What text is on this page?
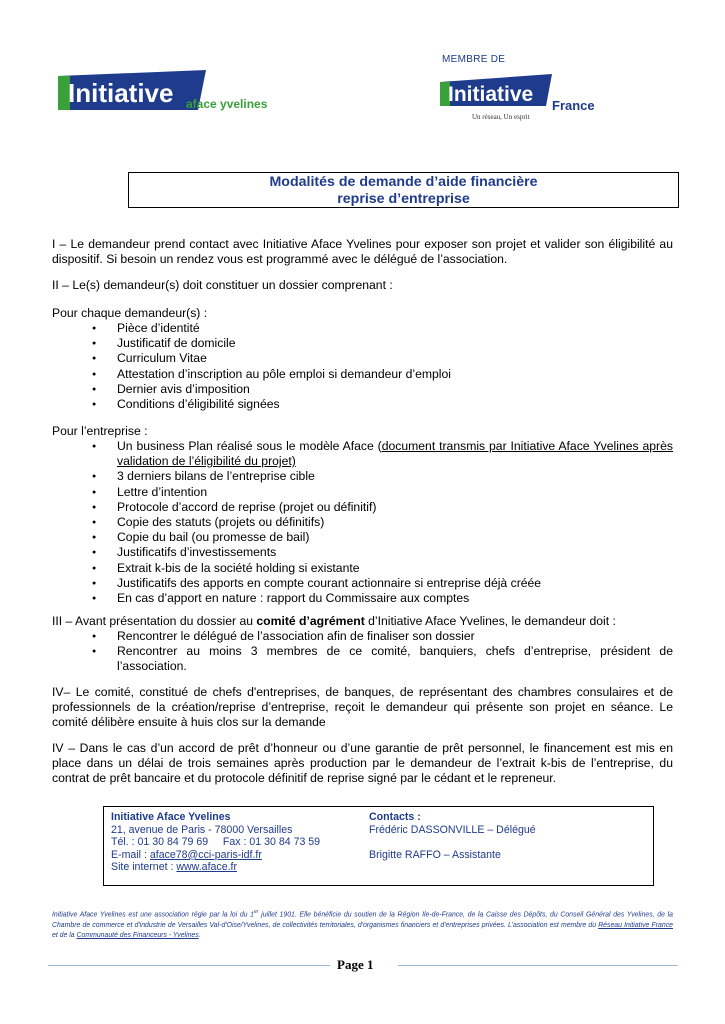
Initiative aface yvelines
MEMBRE DE
Initiative France
Un réseau, Un esprit
Modalités de demande d’aide financière
reprise d’entreprise
I – Le demandeur prend contact avec Initiative Aface Yvelines pour exposer son projet et valider son éligibilité au dispositif. Si besoin un rendez vous est programmé avec le délégué de l’association.
II – Le(s) demandeur(s) doit constituer un dossier comprenant :
Pour chaque demandeur(s) :
● Pièce d’identité
● Justificatif de domicile
● Curriculum Vitae
● Attestation d’inscription au pôle emploi si demandeur d’emploi
● Dernier avis d’imposition
● Conditions d’éligibilité signées
Pour l’entreprise :
● Un business Plan réalisé sous le modèle Aface (document transmis par Initiative Aface Yvelines après validation de l’éligibilité du projet)
● 3 derniers bilans de l’entreprise cible
● Lettre d’intention
● Protocole d’accord de reprise (projet ou définitif)
● Copie des statuts (projets ou définitifs)
● Copie du bail (ou promesse de bail)
● Justificatifs d’investissements
● Extrait k-bis de la société holding si existante
● Justificatifs des apports en compte courant actionnaire si entreprise déjà créée
● En cas d’apport en nature : rapport du Commissaire aux comptes
III – Avant présentation du dossier au comité d’agrément d’Initiative Aface Yvelines, le demandeur doit :
● Rencontrer le délégué de l’association afin de finaliser son dossier
● Rencontrer au moins 3 membres de ce comité, banquiers, chefs d’entreprise, président de l’association.
IV– Le comité, constitué de chefs d'entreprises, de banques, de représentant des chambres consulaires et de professionnels de la création/reprise d’entreprise, reçoit le demandeur qui présente son projet en séance. Le comité délibère ensuite à huis clos sur la demande
IV – Dans le cas d’un accord de prêt d’honneur ou d’une garantie de prêt personnel, le financement est mis en place dans un délai de trois semaines après production par le demandeur de l’extrait k-bis de l’entreprise, du contrat de prêt bancaire et du protocole définitif de reprise signé par le cédant et le repreneur.
Initiative Aface Yvelines
21, avenue de Paris - 78000 Versailles
Tél. : 01 30 84 79 69     Fax : 01 30 84 73 59
E-mail : aface78@cci-paris-idf.fr
Site internet : www.aface.fr
Contacts :
Frédéric DASSONVILLE – Délégué
Brigitte RAFFO – Assistante
Initiative Aface Yvelines est une association régie par la loi du 1er juillet 1901. Elle bénéficie du soutien de la Région Ile-de-France, de la Caisse des Dépôts, du Conseil Général des Yvelines, de la Chambre de commerce et d'industrie de Versailles Val-d'Oise/Yvelines, de collectivités territoriales, d'organismes financiers et d'entreprises privées. L’association est membre du Réseau Initiative France et de la Communauté des Financeurs - Yvelines.
Page 1
